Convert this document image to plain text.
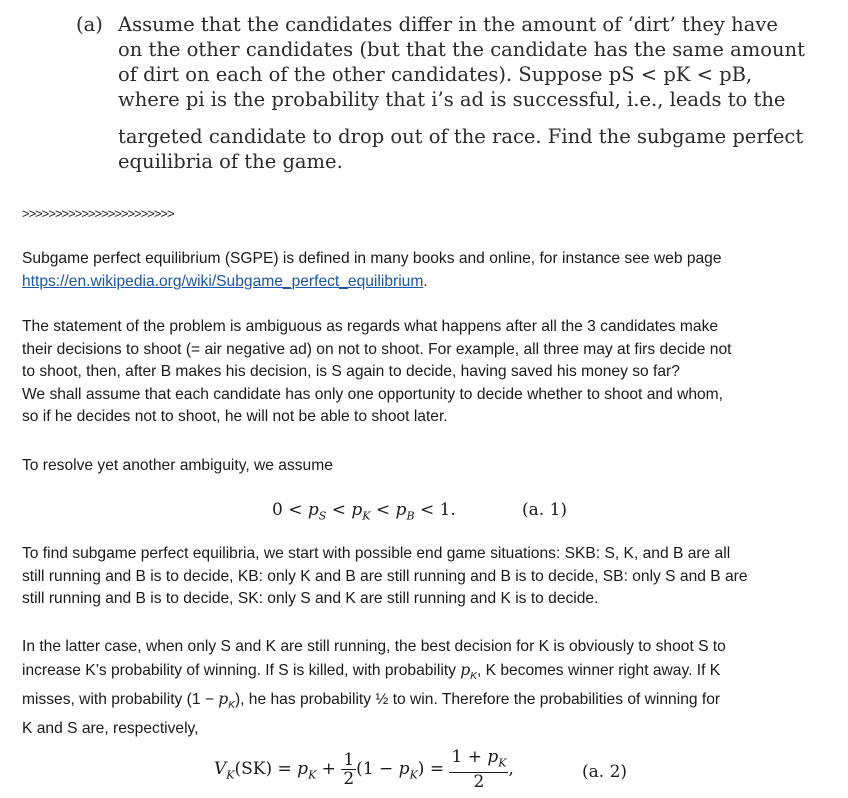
(a) Assume that the candidates differ in the amount of ‘dirt’ they have
on the other candidates (but that the candidate has the same amount
of dirt on each of the other candidates). Suppose pS < pK < pB,
where pi is the probability that i’s ad is successful, i.e., leads to the
targeted candidate to drop out of the race. Find the subgame perfect
equilibria of the game.
>>>>>>>>>>>>>>>>>>>>>>>
Subgame perfect equilibrium (SGPE) is defined in many books and online, for instance see web page
https://en.wikipedia.org/wiki/Subgame_perfect_equilibrium.
The statement of the problem is ambiguous as regards what happens after all the 3 candidates make
their decisions to shoot (= air negative ad) on not to shoot. For example, all three may at firs decide not
to shoot, then, after B makes his decision, is S again to decide, having saved his money so far?
We shall assume that each candidate has only one opportunity to decide whether to shoot and whom,
so if he decides not to shoot, he will not be able to shoot later.
To resolve yet another ambiguity, we assume
$0 < p_S < p_K < p_B < 1$.	(a. 1)
To find subgame perfect equilibria, we start with possible end game situations: SKB: S, K, and B are all
still running and B is to decide, KB: only K and B are still running and B is to decide, SB: only S and B are
still running and B is to decide, SK: only S and K are still running and K is to decide.
In the latter case, when only S and K are still running, the best decision for K is obviously to shoot S to
increase K’s probability of winning. If S is killed, with probability $p_K$, K becomes winner right away. If K
misses, with probability $(1 - p_K)$, he has probability ½ to win. Therefore the probabilities of winning for
K and S are, respectively,
$V_K(SK) = p_K + \frac{1}{2} (1 - p_K) = \frac{1 + p_K}{2}$ ,	(a. 2)
